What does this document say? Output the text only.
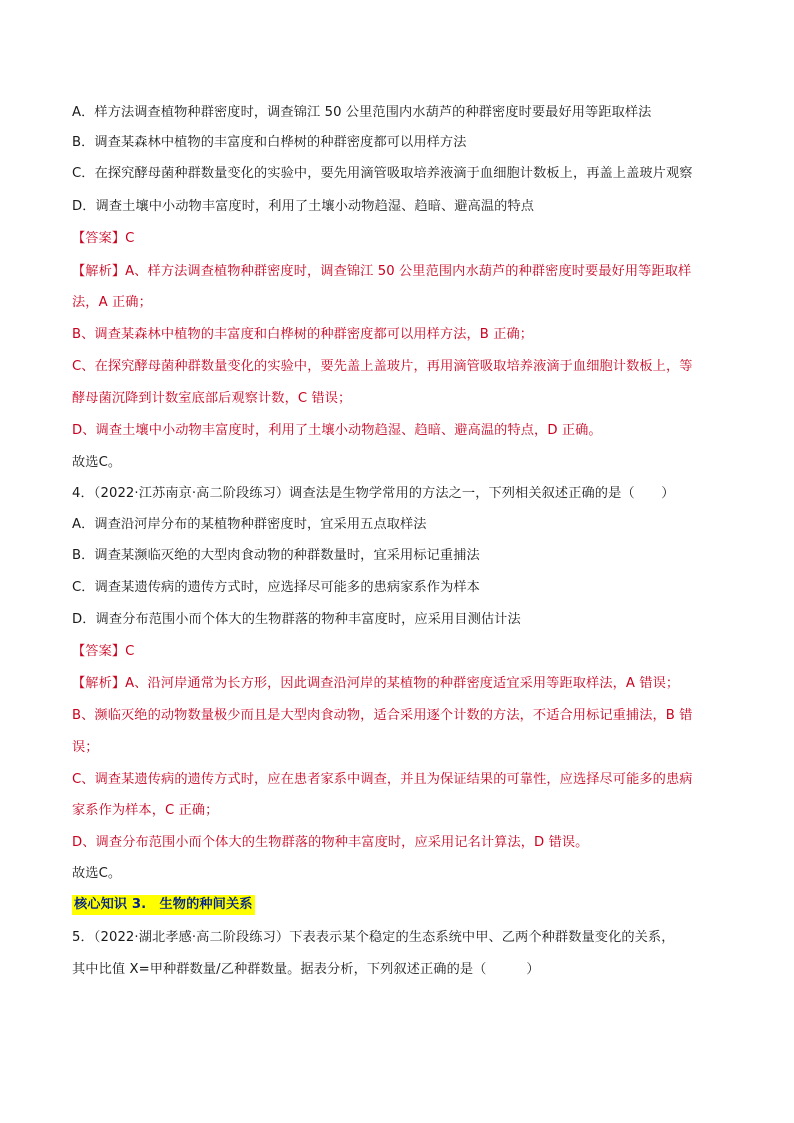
A．样方法调查植物种群密度时，调查锦江 50 公里范围内水葫芦的种群密度时要最好用等距取样法
B．调查某森林中植物的丰富度和白桦树的种群密度都可以用样方法
C．在探究酵母菌种群数量变化的实验中，要先用滴管吸取培养液滴于血细胞计数板上，再盖上盖玻片观察
D．调查土壤中小动物丰富度时，利用了土壤小动物趋湿、趋暗、避高温的特点
【答案】C
【解析】A、样方法调查植物种群密度时，调查锦江 50 公里范围内水葫芦的种群密度时要最好用等距取样
法，A 正确；
B、调查某森林中植物的丰富度和白桦树的种群密度都可以用样方法，B 正确；
C、在探究酵母菌种群数量变化的实验中，要先盖上盖玻片，再用滴管吸取培养液滴于血细胞计数板上，等
酵母菌沉降到计数室底部后观察计数，C 错误；
D、调查土壤中小动物丰富度时，利用了土壤小动物趋湿、趋暗、避高温的特点，D 正确。
故选C。
4．（2022·江苏南京·高二阶段练习）调查法是生物学常用的方法之一，下列相关叙述正确的是（　　）
A．调查沿河岸分布的某植物种群密度时，宜采用五点取样法
B．调查某濒临灭绝的大型肉食动物的种群数量时，宜采用标记重捕法
C．调查某遗传病的遗传方式时，应选择尽可能多的患病家系作为样本
D．调查分布范围小而个体大的生物群落的物种丰富度时，应采用目测估计法
【答案】C
【解析】A、沿河岸通常为长方形，因此调查沿河岸的某植物的种群密度适宜采用等距取样法，A 错误；
B、濒临灭绝的动物数量极少而且是大型肉食动物，适合采用逐个计数的方法，不适合用标记重捕法，B 错
误；
C、调查某遗传病的遗传方式时，应在患者家系中调查，并且为保证结果的可靠性，应选择尽可能多的患病
家系作为样本，C 正确；
D、调查分布范围小而个体大的生物群落的物种丰富度时，应采用记名计算法，D 错误。
故选C。
核心知识 3.　生物的种间关系
5．（2022·湖北孝感·高二阶段练习）下表表示某个稳定的生态系统中甲、乙两个种群数量变化的关系，
其中比值 X=甲种群数量/乙种群数量。据表分析，下列叙述正确的是（　　　）
